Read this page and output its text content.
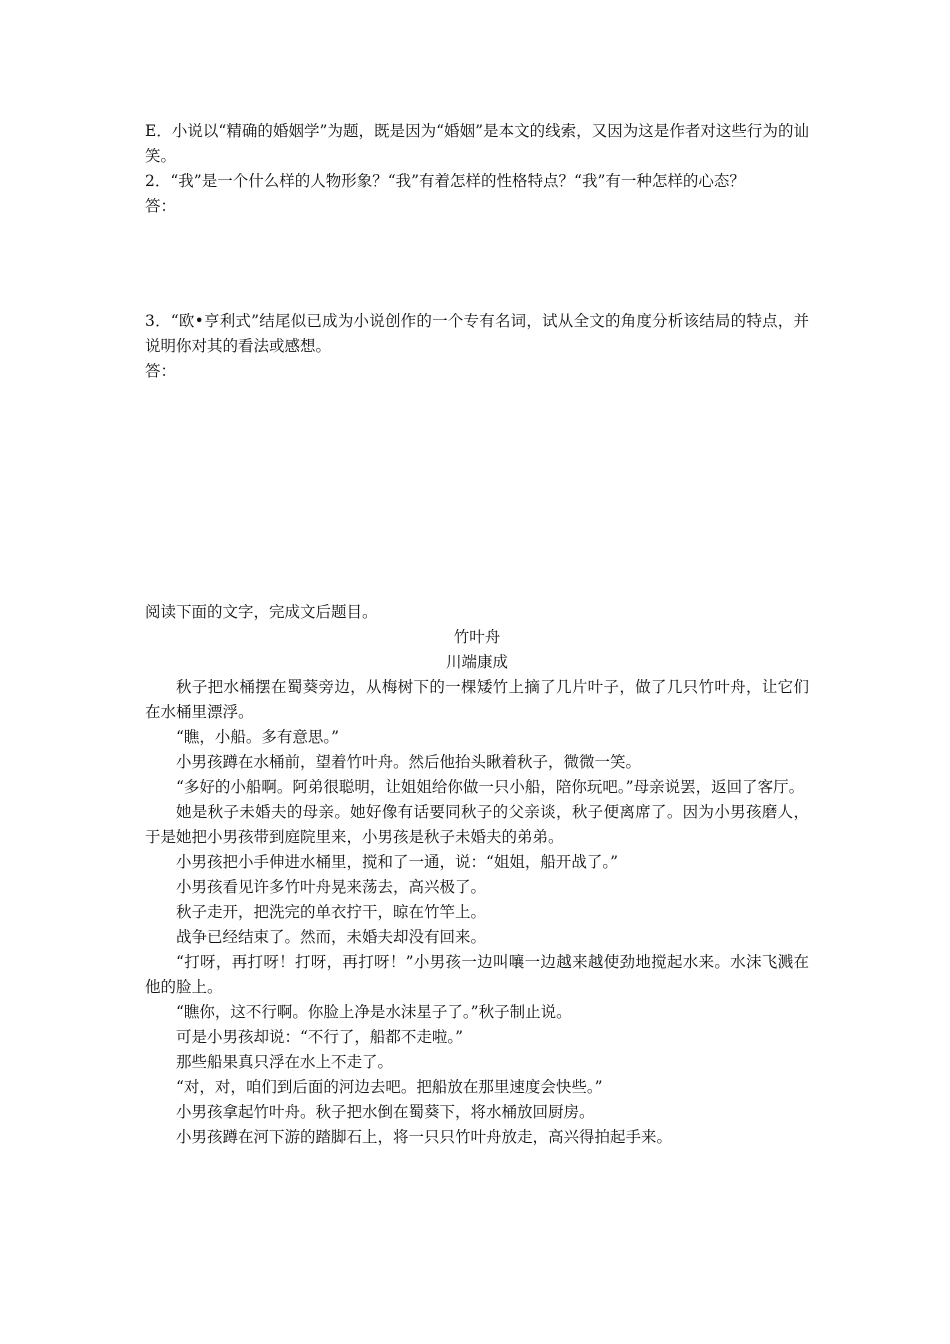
E．小说以“精确的婚姻学”为题，既是因为“婚姻”是本文的线索，又因为这是作者对这些行为的讪笑。

2．“我”是一个什么样的人物形象？“我”有着怎样的性格特点？“我”有一种怎样的心态？

答：

3．“欧•亨利式”结尾似已成为小说创作的一个专有名词，试从全文的角度分析该结局的特点，并说明你对其的看法或感想。

答：

阅读下面的文字，完成文后题目。

竹叶舟

川端康成

秋子把水桶摆在蜀葵旁边，从梅树下的一棵矮竹上摘了几片叶子，做了几只竹叶舟，让它们在水桶里漂浮。

“瞧，小船。多有意思。”

小男孩蹲在水桶前，望着竹叶舟。然后他抬头瞅着秋子，微微一笑。

“多好的小船啊。阿弟很聪明，让姐姐给你做一只小船，陪你玩吧。”母亲说罢，返回了客厅。

她是秋子未婚夫的母亲。她好像有话要同秋子的父亲谈，秋子便离席了。因为小男孩磨人，于是她把小男孩带到庭院里来，小男孩是秋子未婚夫的弟弟。

小男孩把小手伸进水桶里，搅和了一通，说：“姐姐，船开战了。”

小男孩看见许多竹叶舟晃来荡去，高兴极了。

秋子走开，把洗完的单衣拧干，晾在竹竿上。

战争已经结束了。然而，未婚夫却没有回来。

“打呀，再打呀！打呀，再打呀！”小男孩一边叫嚷一边越来越使劲地搅起水来。水沫飞溅在他的脸上。

“瞧你，这不行啊。你脸上净是水沫星子了。”秋子制止说。

可是小男孩却说：“不行了，船都不走啦。”

那些船果真只浮在水上不走了。

“对，对，咱们到后面的河边去吧。把船放在那里速度会快些。”

小男孩拿起竹叶舟。秋子把水倒在蜀葵下，将水桶放回厨房。

小男孩蹲在河下游的踏脚石上，将一只只竹叶舟放走，高兴得拍起手来。
